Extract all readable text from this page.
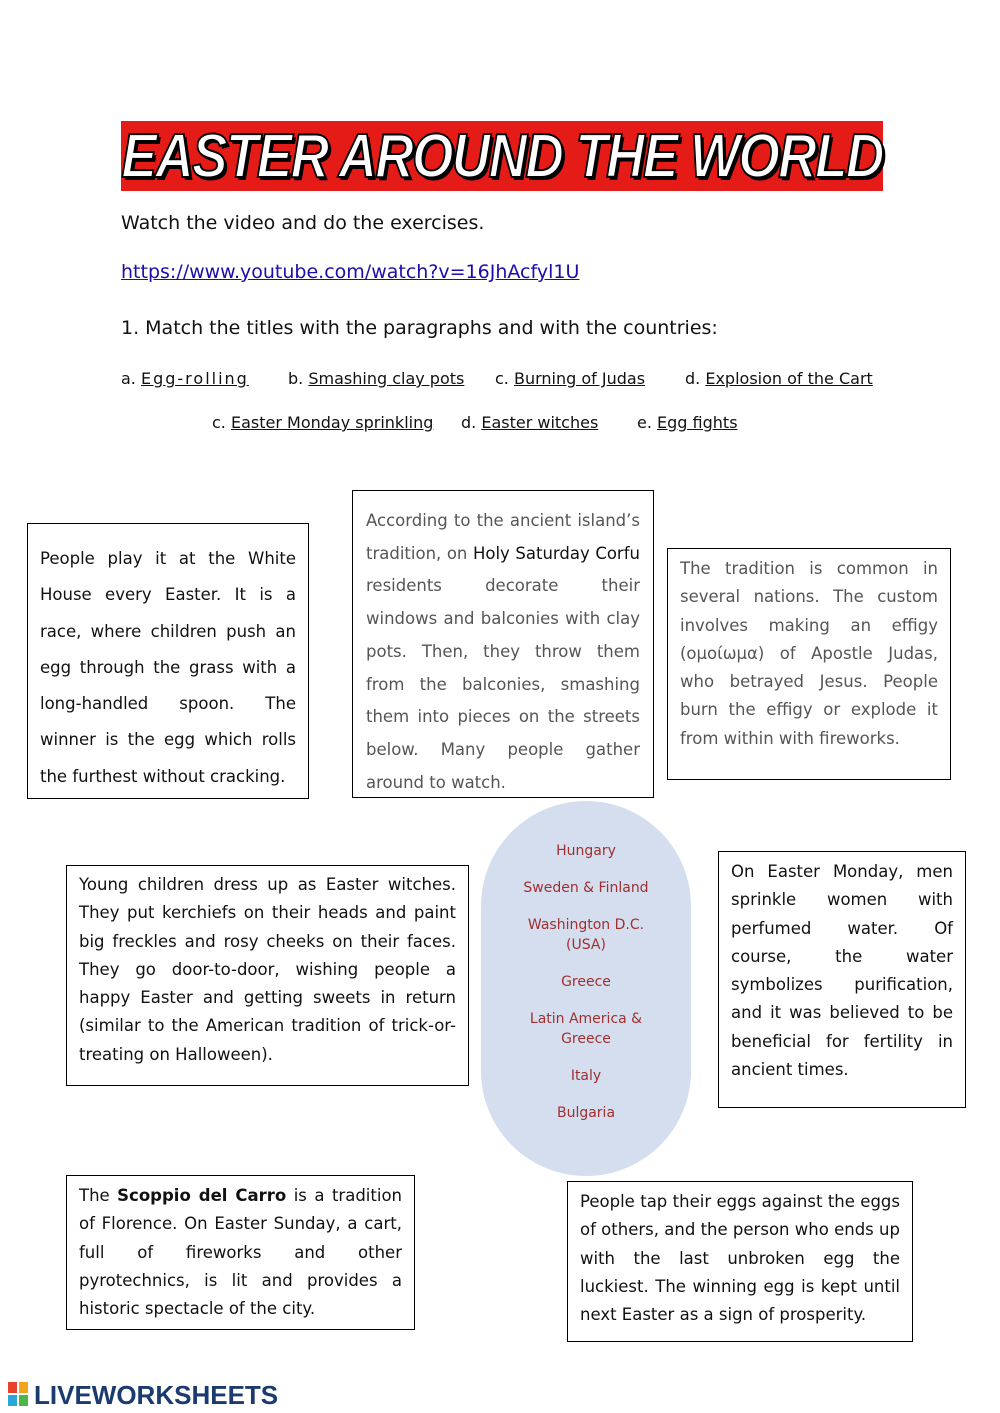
EASTER AROUND THE WORLD
Watch the video and do the exercises.
https://www.youtube.com/watch?v=16JhAcfyl1U
1. Match the titles with the paragraphs and with the countries:
a. Egg-rolling b. Smashing clay pots c. Burning of Judas d. Explosion of the Cart
c. Easter Monday sprinkling d. Easter witches e. Egg fights

People play it at the White House every Easter. It is a race, where children push an egg through the grass with a long-handled spoon. The winner is the egg which rolls the furthest without cracking.

According to the ancient island’s tradition, on Holy Saturday Corfu residents decorate their windows and balconies with clay pots. Then, they throw them from the balconies, smashing them into pieces on the streets below. Many people gather around to watch.

The tradition is common in several nations. The custom involves making an effigy (ομοίωμα) of Apostle Judas, who betrayed Jesus. People burn the effigy or explode it from within with fireworks.

Young children dress up as Easter witches. They put kerchiefs on their heads and paint big freckles and rosy cheeks on their faces. They go door-to-door, wishing people a happy Easter and getting sweets in return (similar to the American tradition of trick-or-treating on Halloween).

On Easter Monday, men sprinkle women with perfumed water. Of course, the water symbolizes purification, and it was believed to be beneficial for fertility in ancient times.

The Scoppio del Carro is a tradition of Florence. On Easter Sunday, a cart, full of fireworks and other pyrotechnics, is lit and provides a historic spectacle of the city.

People tap their eggs against the eggs of others, and the person who ends up with the last unbroken egg the luckiest. The winning egg is kept until next Easter as a sign of prosperity.

Hungary
Sweden & Finland
Washington D.C. (USA)
Greece
Latin America & Greece
Italy
Bulgaria
LIVEWORKSHEETS
